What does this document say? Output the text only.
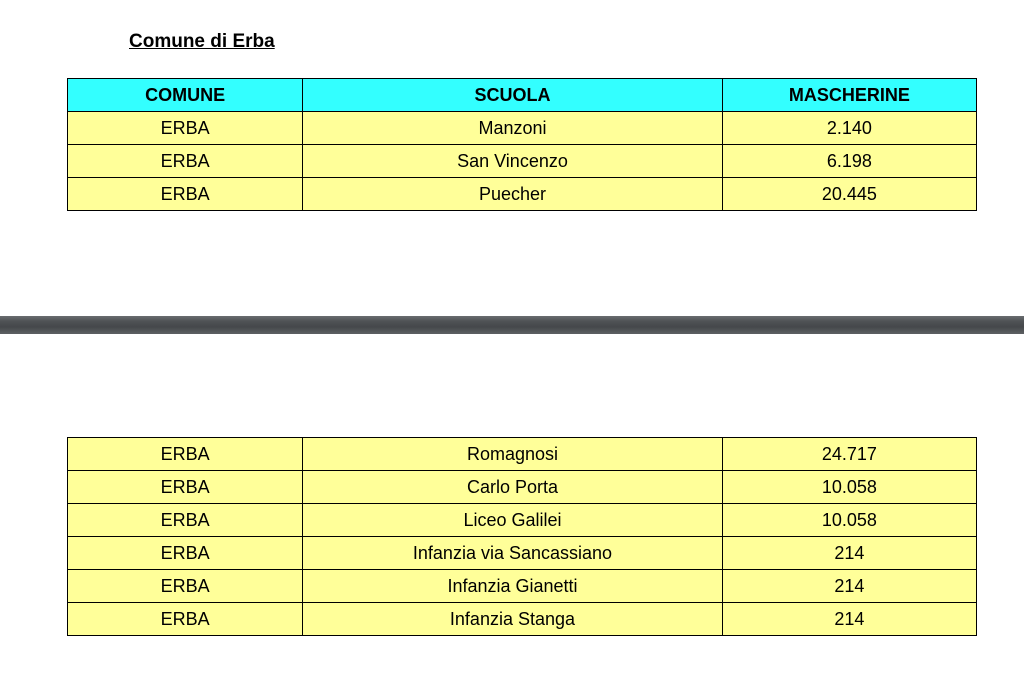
Comune di Erba
COMUNE	SCUOLA	MASCHERINE
ERBA	Manzoni	2.140
ERBA	San Vincenzo	6.198
ERBA	Puecher	20.445
ERBA	Romagnosi	24.717
ERBA	Carlo Porta	10.058
ERBA	Liceo Galilei	10.058
ERBA	Infanzia via Sancassiano	214
ERBA	Infanzia Gianetti	214
ERBA	Infanzia Stanga	214
